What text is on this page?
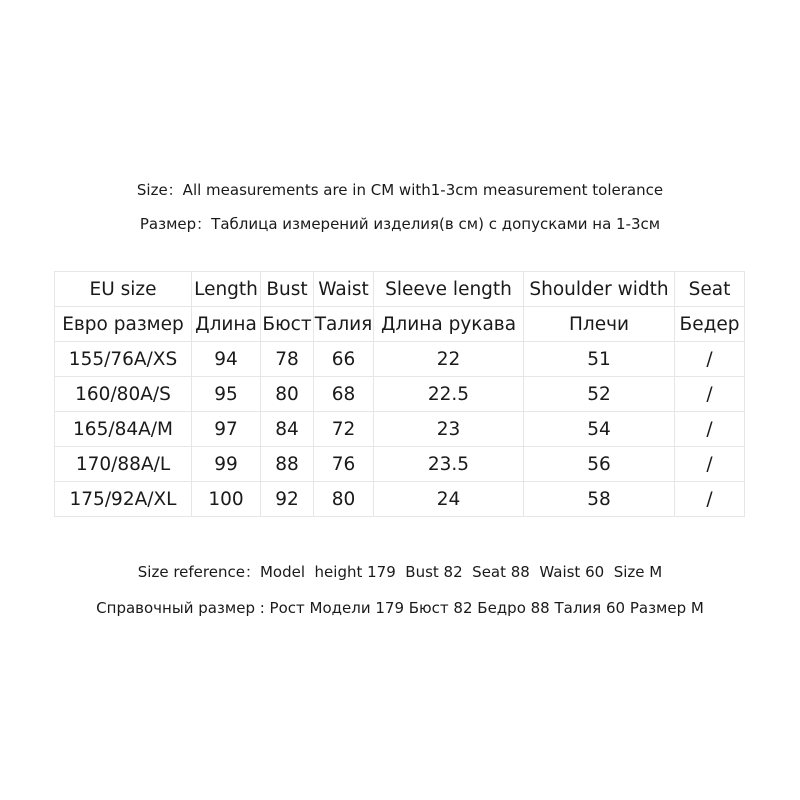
Size：All measurements are in CM with1-3cm measurement tolerance
Размер：Таблица измерений изделия(в см) с допусками на 1-3см
EU size	Length	Bust	Waist	Sleeve length	Shoulder width	Seat
Евро размер	Длина	Бюст	Талия	Длина рукава	Плечи	Бедер
155/76A/XS	94	78	66	22	51	/
160/80A/S	95	80	68	22.5	52	/
165/84A/M	97	84	72	23	54	/
170/88A/L	99	88	76	23.5	56	/
175/92A/XL	100	92	80	24	58	/
Size reference：Model  height 179  Bust 82  Seat 88  Waist 60  Size M
Справочный размер : Рост Модели 179 Бюст 82 Бедро 88 Талия 60 Размер M
